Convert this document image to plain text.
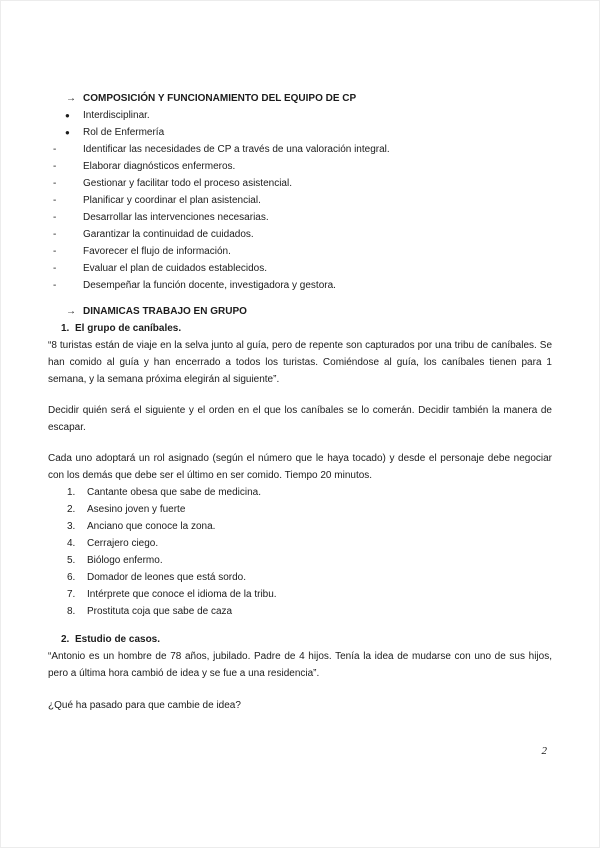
→ COMPOSICIÓN Y FUNCIONAMIENTO DEL EQUIPO DE CP
●	Interdisciplinar.
●	Rol de Enfermería
-	Identificar las necesidades de CP a través de una valoración integral.
-	Elaborar diagnósticos enfermeros.
-	Gestionar y facilitar todo el proceso asistencial.
-	Planificar y coordinar el plan asistencial.
-	Desarrollar las intervenciones necesarias.
-	Garantizar la continuidad de cuidados.
-	Favorecer el flujo de información.
-	Evaluar el plan de cuidados establecidos.
-	Desempeñar la función docente, investigadora y gestora.
→ DINAMICAS TRABAJO EN GRUPO
1. El grupo de caníbales.

“8 turistas están de viaje en la selva junto al guía, pero de repente son capturados por una tribu de caníbales. Se han comido al guía y han encerrado a todos los turistas. Comiéndose al guía, los caníbales tienen para 1 semana, y la semana próxima elegirán al siguiente”.

Decidir quién será el siguiente y el orden en el que los caníbales se lo comerán. Decidir también la manera de escapar.

Cada uno adoptará un rol asignado (según el número que le haya tocado) y desde el personaje debe negociar con los demás que debe ser el último en ser comido. Tiempo 20 minutos.

1.	Cantante obesa que sabe de medicina.
2.	Asesino joven y fuerte
3.	Anciano que conoce la zona.
4.	Cerrajero ciego.
5.	Biólogo enfermo.
6.	Domador de leones que está sordo.
7.	Intérprete que conoce el idioma de la tribu.
8.	Prostituta coja que sabe de caza
2. Estudio de casos.

“Antonio es un hombre de 78 años, jubilado. Padre de 4 hijos. Tenía la idea de mudarse con uno de sus hijos, pero a última hora cambió de idea y se fue a una residencia”.

¿Qué ha pasado para que cambie de idea?

2
